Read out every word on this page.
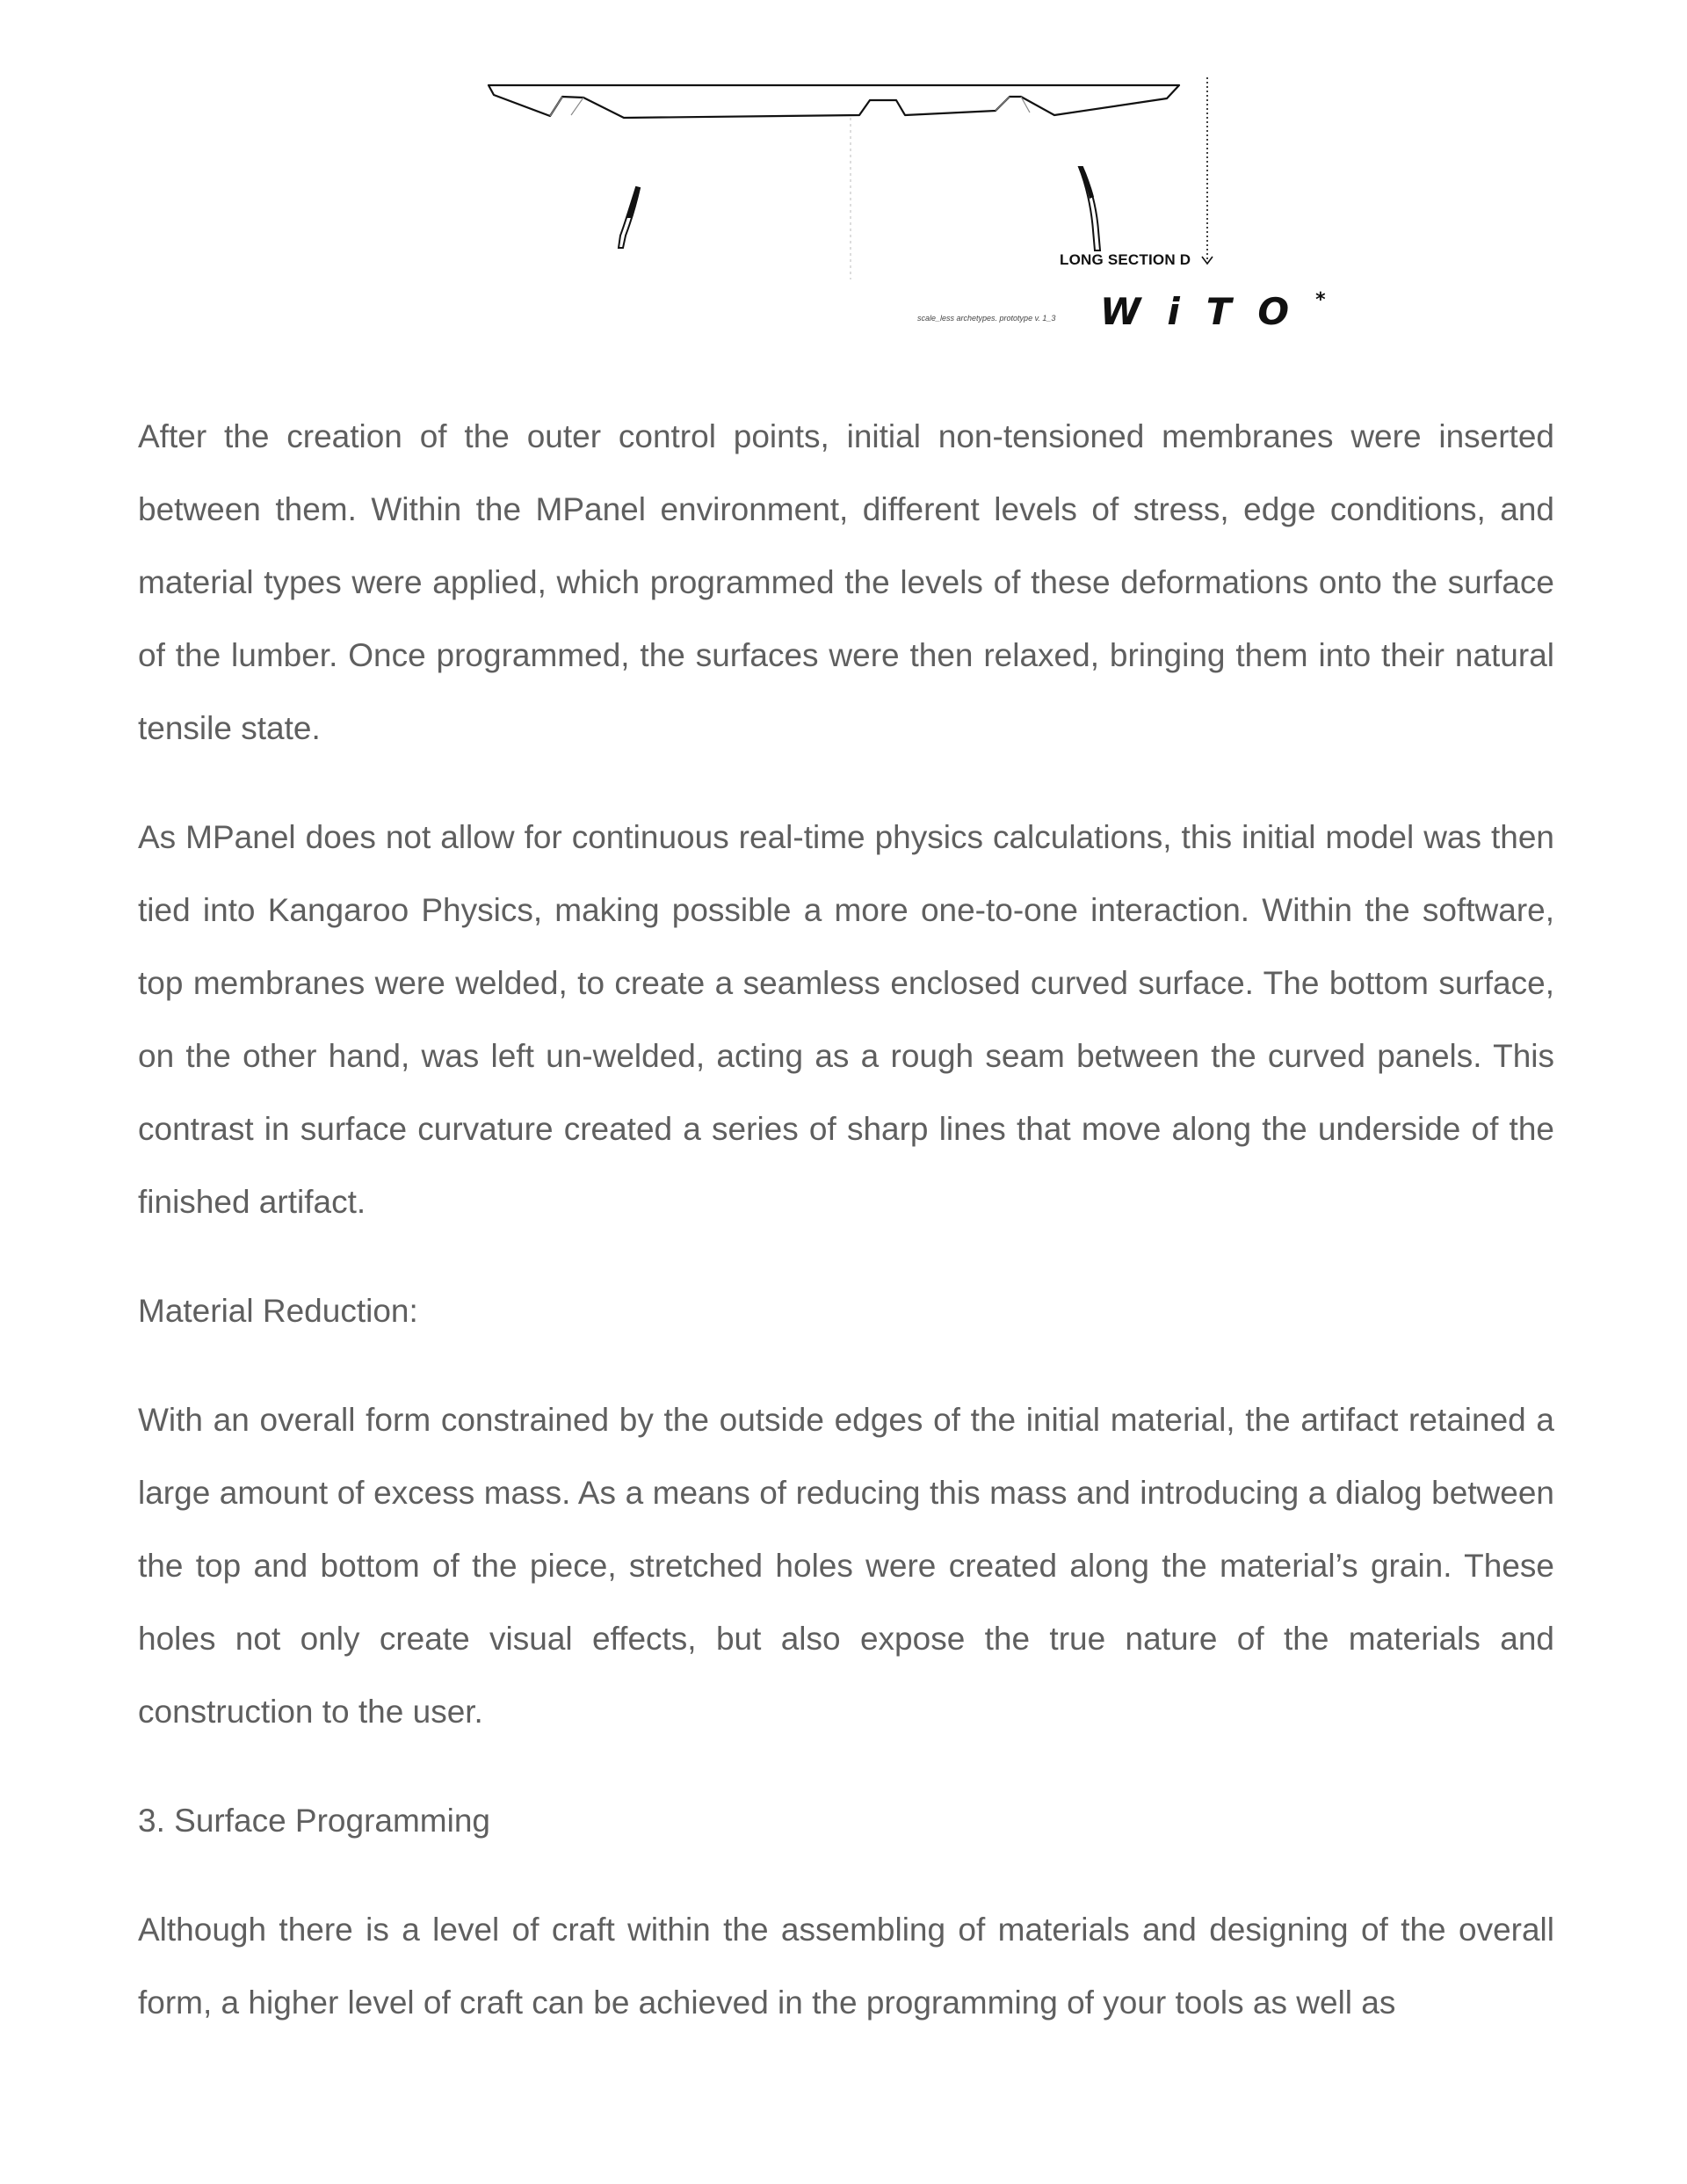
LONG SECTION D
scale_less archetypes. prototype v. 1_3 WiTO*

After the creation of the outer control points, initial non-tensioned membranes were inserted between them. Within the MPanel environment, different levels of stress, edge conditions, and material types were applied, which programmed the levels of these deformations onto the surface of the lumber. Once programmed, the surfaces were then relaxed, bringing them into their natural tensile state.

As MPanel does not allow for continuous real-time physics calculations, this initial model was then tied into Kangaroo Physics, making possible a more one-to-one interaction. Within the software, top membranes were welded, to create a seamless enclosed curved surface. The bottom surface, on the other hand, was left un-welded, acting as a rough seam between the curved panels. This contrast in surface curvature created a series of sharp lines that move along the underside of the finished artifact.

Material Reduction:

With an overall form constrained by the outside edges of the initial material, the artifact retained a large amount of excess mass. As a means of reducing this mass and introducing a dialog between the top and bottom of the piece, stretched holes were created along the material’s grain. These holes not only create visual effects, but also expose the true nature of the materials and construction to the user.

3. Surface Programming

Although there is a level of craft within the assembling of materials and designing of the overall form, a higher level of craft can be achieved in the programming of your tools as well as
